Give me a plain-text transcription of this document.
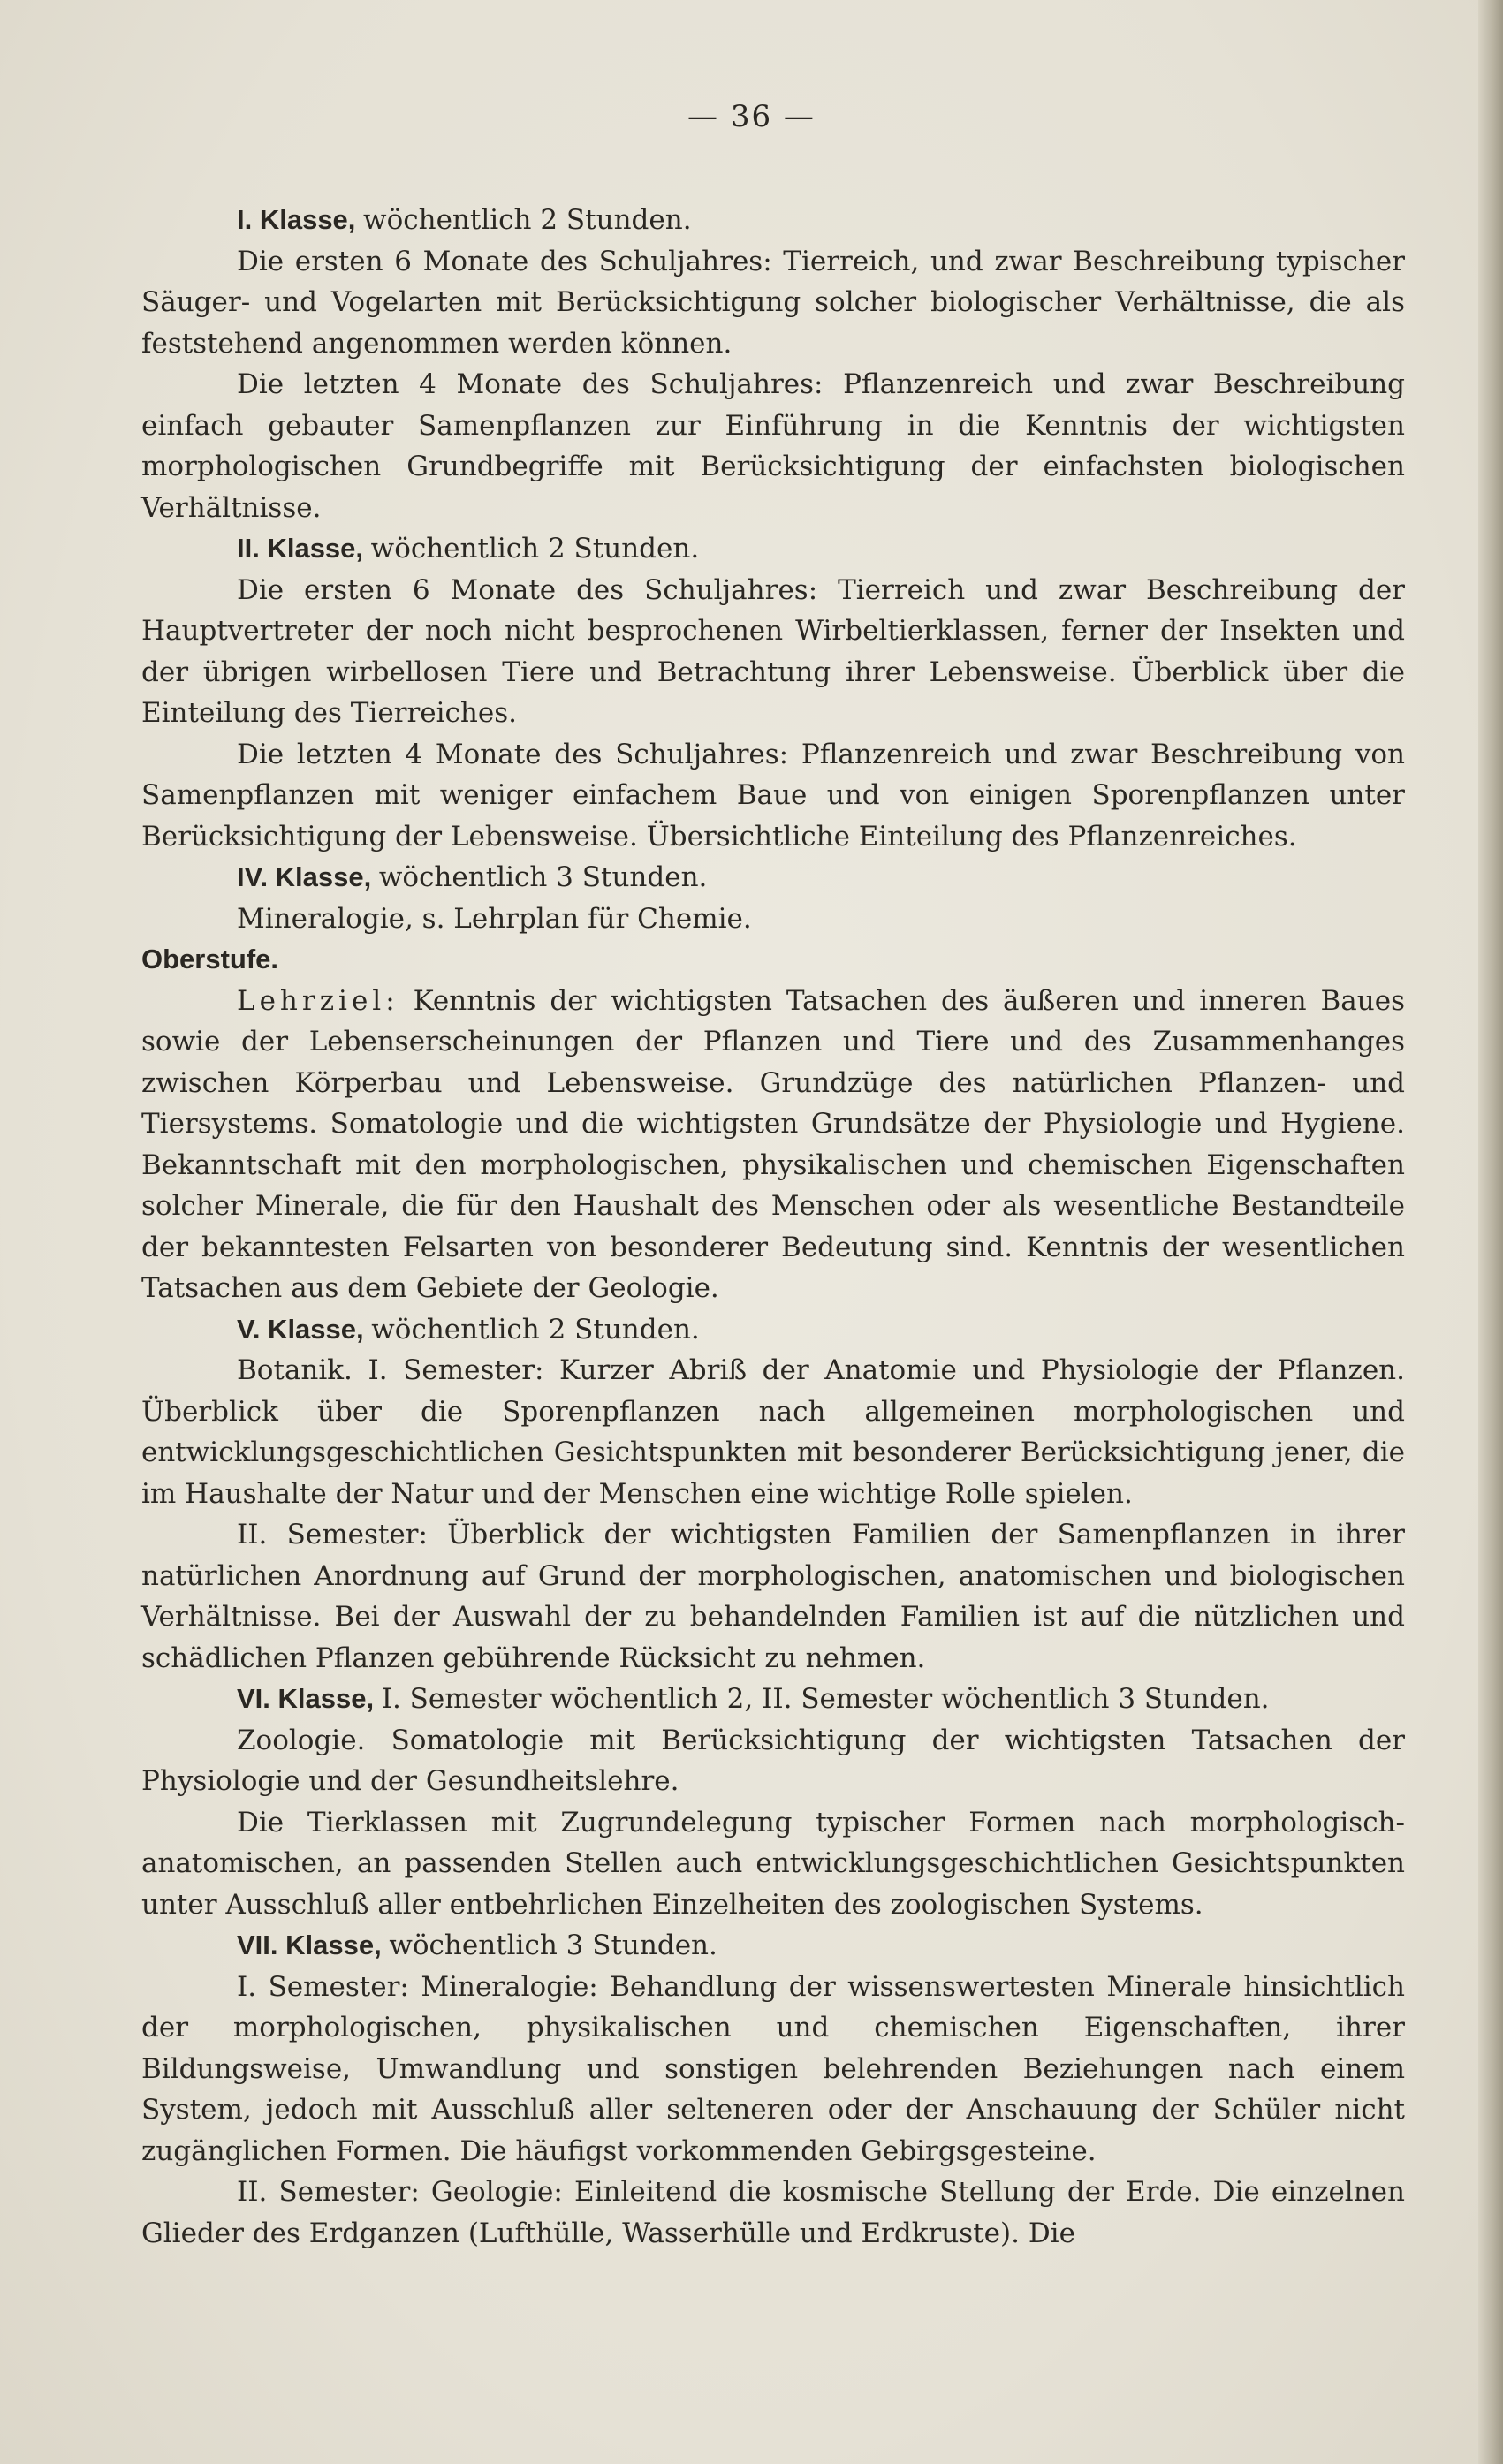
— 36 —

I. Klasse, wöchentlich 2 Stunden.

Die ersten 6 Monate des Schuljahres: Tierreich, und zwar Beschreibung typischer Säuger- und Vogelarten mit Berücksichtigung solcher biologischer Verhältnisse, die als feststehend angenommen werden können.

Die letzten 4 Monate des Schuljahres: Pflanzenreich und zwar Beschreibung einfach gebauter Samenpflanzen zur Einführung in die Kenntnis der wichtigsten morphologischen Grundbegriffe mit Berücksichtigung der einfachsten biologischen Verhältnisse.

II. Klasse, wöchentlich 2 Stunden.

Die ersten 6 Monate des Schuljahres: Tierreich und zwar Beschreibung der Hauptvertreter der noch nicht besprochenen Wirbeltierklassen, ferner der Insekten und der übrigen wirbellosen Tiere und Betrachtung ihrer Lebensweise. Überblick über die Einteilung des Tierreiches.

Die letzten 4 Monate des Schuljahres: Pflanzenreich und zwar Beschreibung von Samenpflanzen mit weniger einfachem Baue und von einigen Sporenpflanzen unter Berücksichtigung der Lebensweise. Übersichtliche Einteilung des Pflanzenreiches.

IV. Klasse, wöchentlich 3 Stunden.

Mineralogie, s. Lehrplan für Chemie.

Oberstufe.

Lehrziel: Kenntnis der wichtigsten Tatsachen des äußeren und inneren Baues sowie der Lebenserscheinungen der Pflanzen und Tiere und des Zusammenhanges zwischen Körperbau und Lebensweise. Grundzüge des natürlichen Pflanzen- und Tiersystems. Somatologie und die wichtigsten Grundsätze der Physiologie und Hygiene. Bekanntschaft mit den morphologischen, physikalischen und chemischen Eigenschaften solcher Minerale, die für den Haushalt des Menschen oder als wesentliche Bestandteile der bekanntesten Felsarten von besonderer Bedeutung sind. Kenntnis der wesentlichen Tatsachen aus dem Gebiete der Geologie.

V. Klasse, wöchentlich 2 Stunden.

Botanik. I. Semester: Kurzer Abriß der Anatomie und Physiologie der Pflanzen. Überblick über die Sporenpflanzen nach allgemeinen morphologischen und entwicklungsgeschichtlichen Gesichtspunkten mit besonderer Berücksichtigung jener, die im Haushalte der Natur und der Menschen eine wichtige Rolle spielen.

II. Semester: Überblick der wichtigsten Familien der Samenpflanzen in ihrer natürlichen Anordnung auf Grund der morphologischen, anatomischen und biologischen Verhältnisse. Bei der Auswahl der zu behandelnden Familien ist auf die nützlichen und schädlichen Pflanzen gebührende Rücksicht zu nehmen.

VI. Klasse, I. Semester wöchentlich 2, II. Semester wöchentlich 3 Stunden.

Zoologie. Somatologie mit Berücksichtigung der wichtigsten Tatsachen der Physiologie und der Gesundheitslehre.

Die Tierklassen mit Zugrundelegung typischer Formen nach morphologisch-anatomischen, an passenden Stellen auch entwicklungsgeschichtlichen Gesichtspunkten unter Ausschluß aller entbehrlichen Einzelheiten des zoologischen Systems.

VII. Klasse, wöchentlich 3 Stunden.

I. Semester: Mineralogie: Behandlung der wissenswertesten Minerale hinsichtlich der morphologischen, physikalischen und chemischen Eigenschaften, ihrer Bildungsweise, Umwandlung und sonstigen belehrenden Beziehungen nach einem System, jedoch mit Ausschluß aller selteneren oder der Anschauung der Schüler nicht zugänglichen Formen. Die häufigst vorkommenden Gebirgsgesteine.

II. Semester: Geologie: Einleitend die kosmische Stellung der Erde. Die einzelnen Glieder des Erdganzen (Lufthülle, Wasserhülle und Erdkruste). Die
